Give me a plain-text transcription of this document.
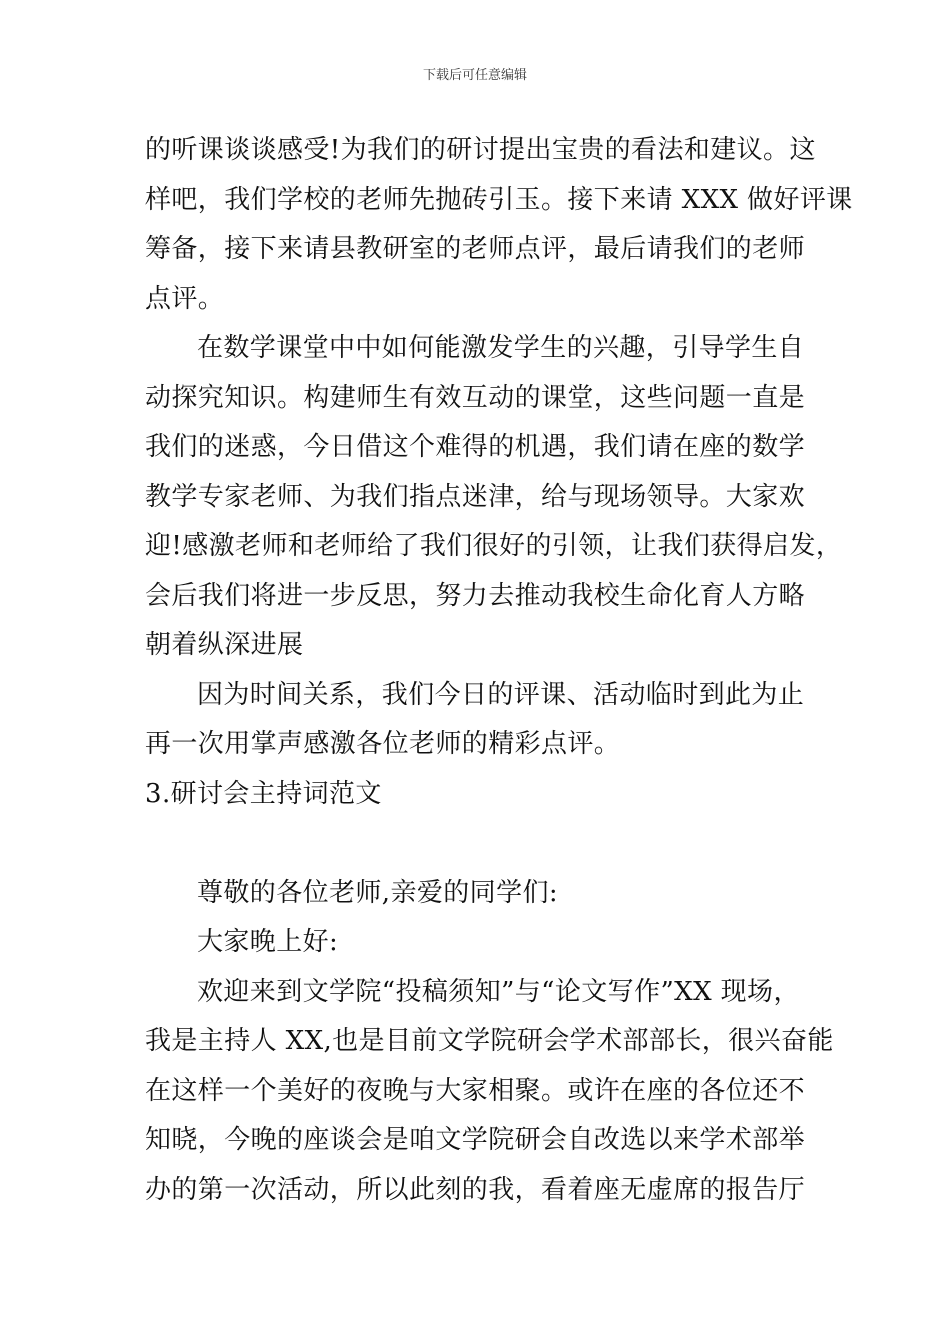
下载后可任意编辑
的听课谈谈感受!为我们的研讨提出宝贵的看法和建议。这
样吧，我们学校的老师先抛砖引玉。接下来请 XXX 做好评课
筹备，接下来请县教研室的老师点评，最后请我们的老师
点评。
在数学课堂中中如何能激发学生的兴趣，引导学生自
动探究知识。构建师生有效互动的课堂，这些问题一直是
我们的迷惑，今日借这个难得的机遇，我们请在座的数学
教学专家老师、为我们指点迷津，给与现场领导。大家欢
迎!感激老师和老师给了我们很好的引领，让我们获得启发，
会后我们将进一步反思，努力去推动我校生命化育人方略
朝着纵深进展
因为时间关系，我们今日的评课、活动临时到此为止
再一次用掌声感激各位老师的精彩点评。
3.研讨会主持词范文
尊敬的各位老师,亲爱的同学们:
大家晚上好:
欢迎来到文学院“投稿须知”与“论文写作”XX 现场，
我是主持人 XX,也是目前文学院研会学术部部长，很兴奋能
在这样一个美好的夜晚与大家相聚。或许在座的各位还不
知晓，今晚的座谈会是咱文学院研会自改选以来学术部举
办的第一次活动，所以此刻的我，看着座无虚席的报告厅
